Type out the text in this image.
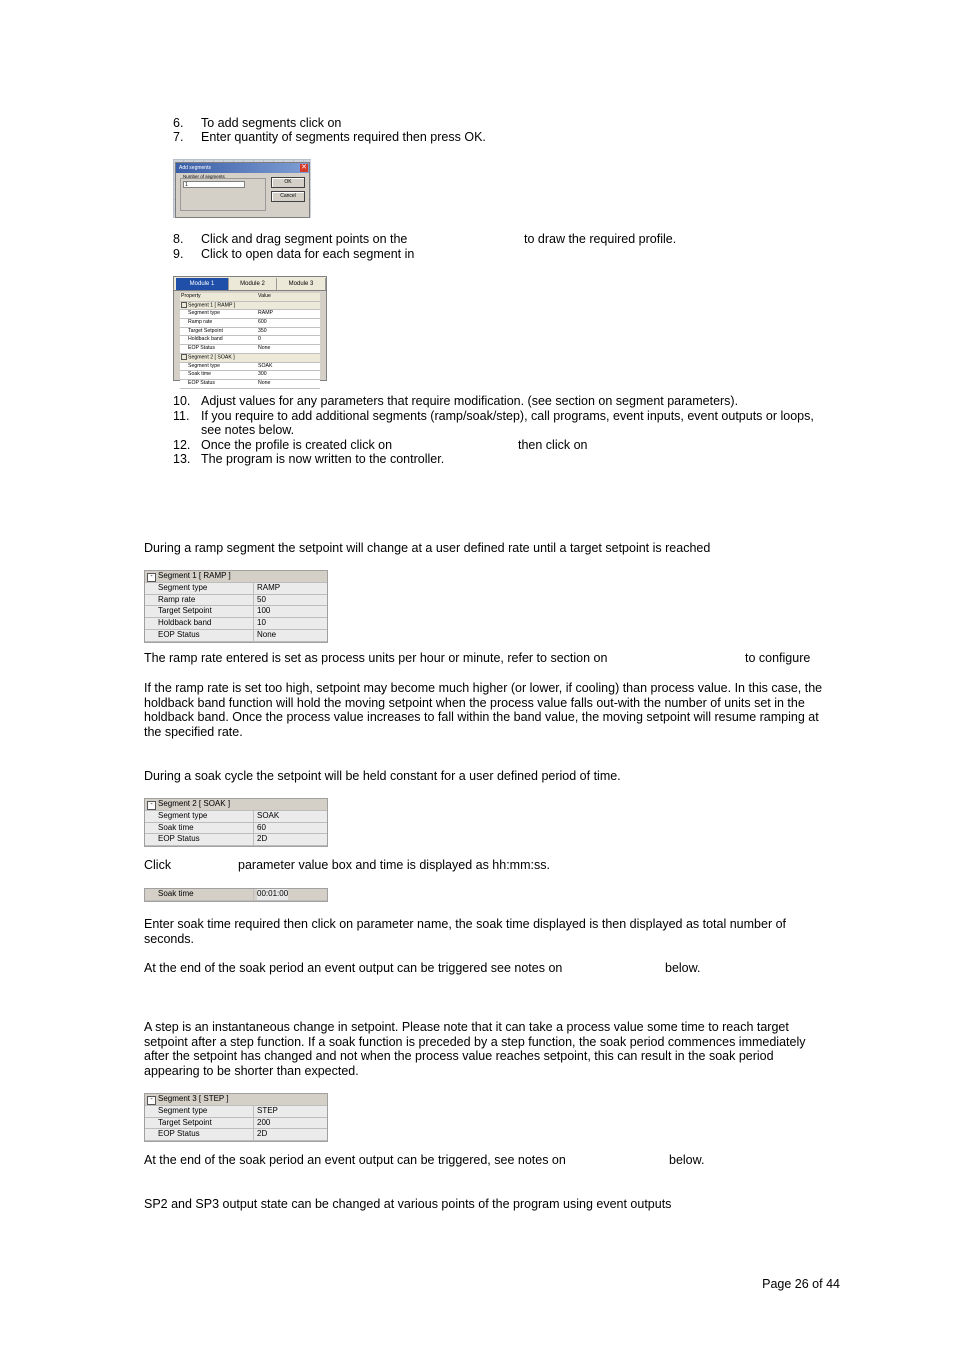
6.	To add segments click on
7.	Enter quantity of segments required then press OK.
Add segments	✕
Number of segments
1	OK
Cancel
8.	Click and drag segment points on the	to draw the required profile.
9.	Click to open data for each segment in
Module 1	Module 2	Module 3
Property	Value
Segment 1 [ RAMP ]
Segment type	RAMP
Ramp rate	600
Target Setpoint	350
Holdback band	0
EOP Status	None
Segment 2 [ SOAK ]
Segment type	SOAK
Soak time	300
EOP Status	None
10. Adjust values for any parameters that require modification. (see section on segment parameters).
11. If you require to add additional segments (ramp/soak/step), call programs, event inputs, event outputs or loops,
see notes below.
12. Once the profile is created click on	then click on
13. The program is now written to the controller.
During a ramp segment the setpoint will change at a user defined rate until a target setpoint is reached
- Segment 1 [ RAMP ]
Segment type	RAMP
Ramp rate	50
Target Setpoint	100
Holdback band	10
EOP Status	None
The ramp rate entered is set as process units per hour or minute, refer to section on	to configure
If the ramp rate is set too high, setpoint may become much higher (or lower, if cooling) than process value. In this case, the
holdback band function will hold the moving setpoint when the process value falls out-with the number of units set in the
holdback band. Once the process value increases to fall within the band value, the moving setpoint will resume ramping at
the specified rate.
During a soak cycle the setpoint will be held constant for a user defined period of time.
- Segment 2 [ SOAK ]
Segment type	SOAK
Soak time	60
EOP Status	2D
Click	parameter value box and time is displayed as hh:mm:ss.
Soak time	00:01:00
Enter soak time required then click on parameter name, the soak time displayed is then displayed as total number of
seconds.
At the end of the soak period an event output can be triggered see notes on	below.
A step is an instantaneous change in setpoint. Please note that it can take a process value some time to reach target
setpoint after a step function. If a soak function is preceded by a step function, the soak period commences immediately
after the setpoint has changed and not when the process value reaches setpoint, this can result in the soak period
appearing to be shorter than expected.
- Segment 3 [ STEP ]
Segment type	STEP
Target Setpoint	200
EOP Status	2D
At the end of the soak period an event output can be triggered, see notes on	below.
SP2 and SP3 output state can be changed at various points of the program using event outputs
Page 26 of 44
